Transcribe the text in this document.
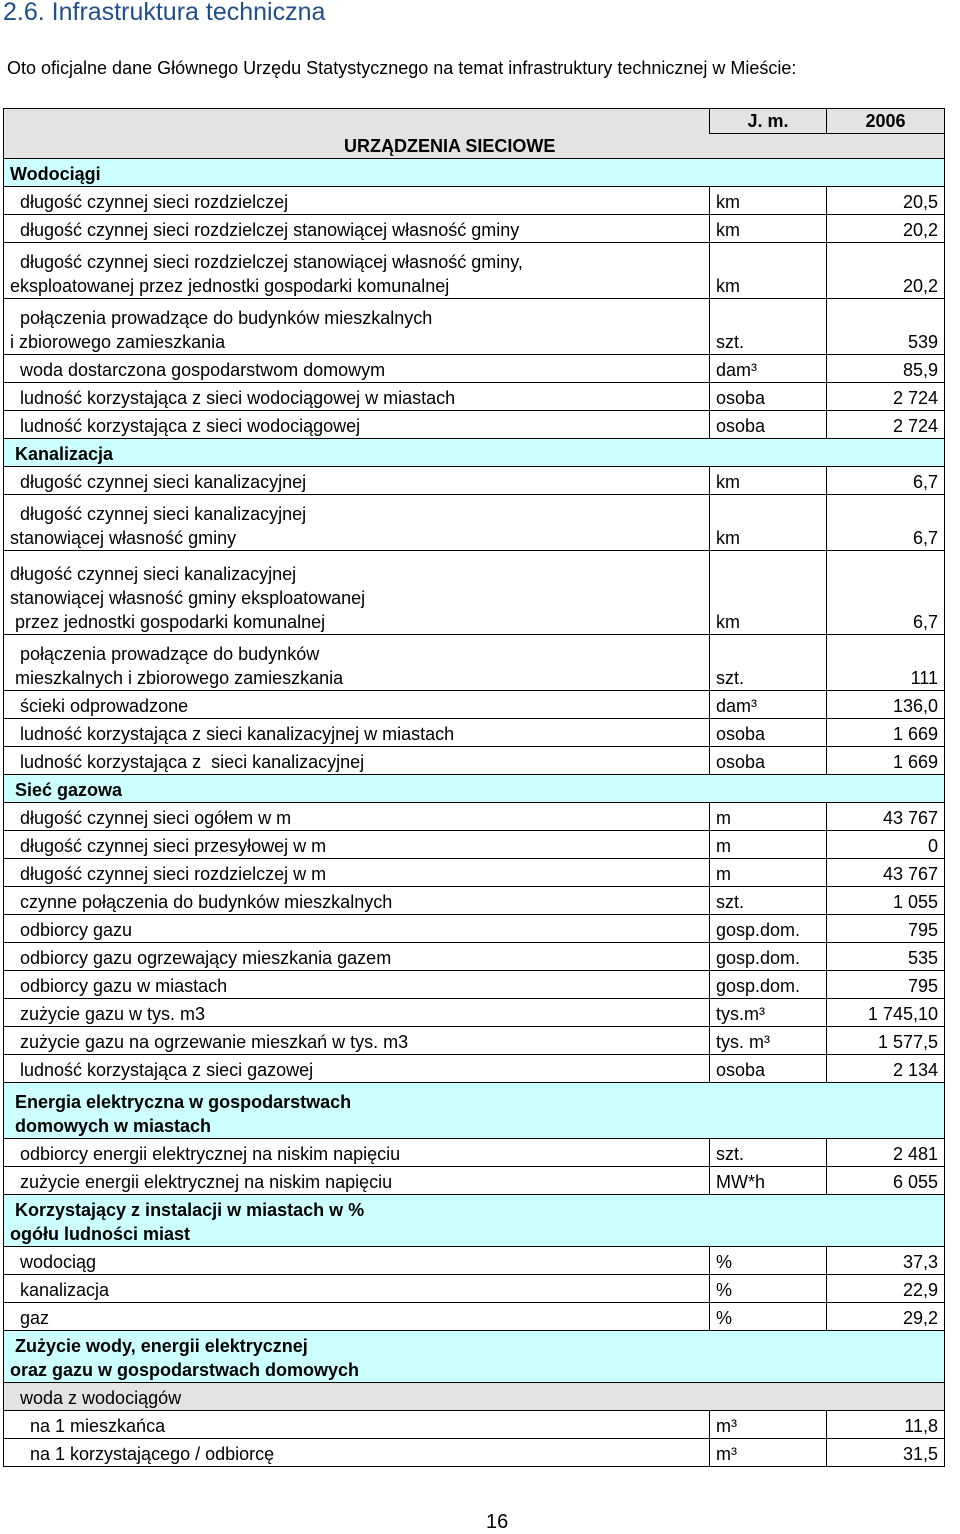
2.6. Infrastruktura techniczna
Oto oficjalne dane Głównego Urzędu Statystycznego na temat infrastruktury technicznej w Mieście:
	J. m.	2006
URZĄDZENIA SIECIOWE		
Wodociągi		
długość czynnej sieci rozdzielczej	km	20,5
długość czynnej sieci rozdzielczej stanowiącej własność gminy	km	20,2
długość czynnej sieci rozdzielczej stanowiącej własność gminy,
eksploatowanej przez jednostki gospodarki komunalnej	km	20,2
połączenia prowadzące do budynków mieszkalnych
i zbiorowego zamieszkania	szt.	539
woda dostarczona gospodarstwom domowym	dam³	85,9
ludność korzystająca z sieci wodociągowej w miastach	osoba	2 724
ludność korzystająca z sieci wodociągowej	osoba	2 724
Kanalizacja		
długość czynnej sieci kanalizacyjnej	km	6,7
długość czynnej sieci kanalizacyjnej
stanowiącej własność gminy	km	6,7
długość czynnej sieci kanalizacyjnej
stanowiącej własność gminy eksploatowanej
przez jednostki gospodarki komunalnej	km	6,7
połączenia prowadzące do budynków
mieszkalnych i zbiorowego zamieszkania	szt.	111
ścieki odprowadzone	dam³	136,0
ludność korzystająca z sieci kanalizacyjnej w miastach	osoba	1 669
ludność korzystająca z  sieci kanalizacyjnej	osoba	1 669
Sieć gazowa		
długość czynnej sieci ogółem w m	m	43 767
długość czynnej sieci przesyłowej w m	m	0
długość czynnej sieci rozdzielczej w m	m	43 767
czynne połączenia do budynków mieszkalnych	szt.	1 055
odbiorcy gazu	gosp.dom.	795
odbiorcy gazu ogrzewający mieszkania gazem	gosp.dom.	535
odbiorcy gazu w miastach	gosp.dom.	795
zużycie gazu w tys. m3	tys.m³	1 745,10
zużycie gazu na ogrzewanie mieszkań w tys. m3	tys. m³	1 577,5
ludność korzystająca z sieci gazowej	osoba	2 134
Energia elektryczna w gospodarstwach
domowych w miastach		
odbiorcy energii elektrycznej na niskim napięciu	szt.	2 481
zużycie energii elektrycznej na niskim napięciu	MW*h	6 055
Korzystający z instalacji w miastach w %
ogółu ludności miast		
wodociąg	%	37,3
kanalizacja	%	22,9
gaz	%	29,2
Zużycie wody, energii elektrycznej
oraz gazu w gospodarstwach domowych		
woda z wodociągów		
na 1 mieszkańca	m³	11,8
na 1 korzystającego / odbiorcę	m³	31,5
16
